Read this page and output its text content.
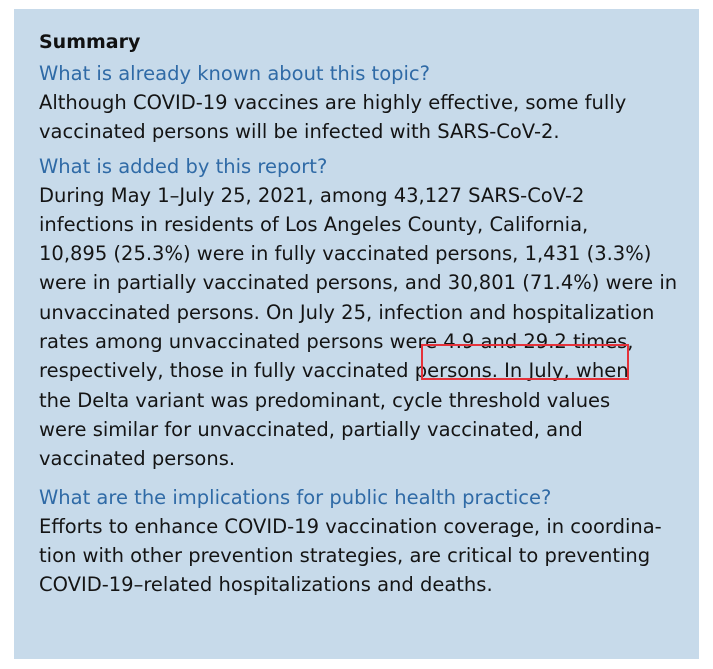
Summary
What is already known about this topic?
Although COVID-19 vaccines are highly effective, some fully
vaccinated persons will be infected with SARS-CoV-2.
What is added by this report?
During May 1–July 25, 2021, among 43,127 SARS-CoV-2
infections in residents of Los Angeles County, California,
10,895 (25.3%) were in fully vaccinated persons, 1,431 (3.3%)
were in partially vaccinated persons, and 30,801 (71.4%) were in
unvaccinated persons. On July 25, infection and hospitalization
rates among unvaccinated persons were 4.9 and 29.2 times,
respectively, those in fully vaccinated persons. In July, when
the Delta variant was predominant, cycle threshold values
were similar for unvaccinated, partially vaccinated, and
vaccinated persons.
What are the implications for public health practice?
Efforts to enhance COVID-19 vaccination coverage, in coordina-
tion with other prevention strategies, are critical to preventing
COVID-19–related hospitalizations and deaths.
